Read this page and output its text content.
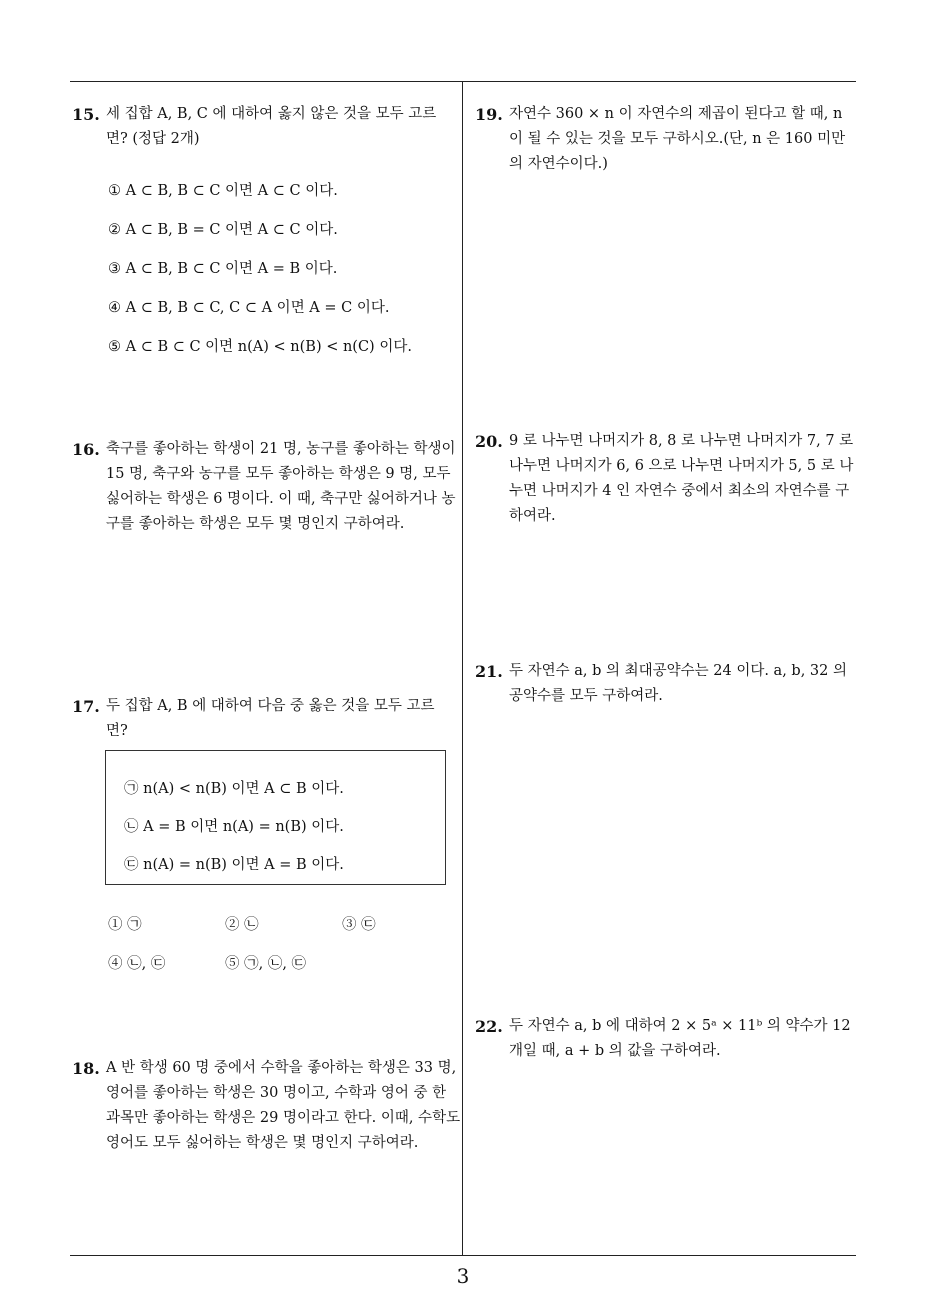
15. 세 집합 A, B, C 에 대하여 옳지 않은 것을 모두 고르면? (정답 2개)
① A ⊂ B, B ⊂ C 이면 A ⊂ C 이다.
② A ⊂ B, B = C 이면 A ⊂ C 이다.
③ A ⊂ B, B ⊂ C 이면 A = B 이다.
④ A ⊂ B, B ⊂ C, C ⊂ A 이면 A = C 이다.
⑤ A ⊂ B ⊂ C 이면 n(A) < n(B) < n(C) 이다.
16. 축구를 좋아하는 학생이 21 명, 농구를 좋아하는 학생이 15 명, 축구와 농구를 모두 좋아하는 학생은 9 명, 모두 싫어하는 학생은 6 명이다. 이 때, 축구만 싫어하거나 농구를 좋아하는 학생은 모두 몇 명인지 구하여라.
17. 두 집합 A, B 에 대하여 다음 중 옳은 것을 모두 고르면?
㉠ n(A) < n(B) 이면 A ⊂ B 이다.
㉡ A = B 이면 n(A) = n(B) 이다.
㉢ n(A) = n(B) 이면 A = B 이다.
① ㉠	② ㉡	③ ㉢
④ ㉡, ㉢	⑤ ㉠, ㉡, ㉢
18. A 반 학생 60 명 중에서 수학을 좋아하는 학생은 33 명, 영어를 좋아하는 학생은 30 명이고, 수학과 영어 중 한 과목만 좋아하는 학생은 29 명이라고 한다. 이때, 수학도 영어도 모두 싫어하는 학생은 몇 명인지 구하여라.
19. 자연수 360 × n 이 자연수의 제곱이 된다고 할 때, n 이 될 수 있는 것을 모두 구하시오.(단, n 은 160 미만의 자연수이다.)
20. 9 로 나누면 나머지가 8, 8 로 나누면 나머지가 7, 7 로 나누면 나머지가 6, 6 으로 나누면 나머지가 5, 5 로 나누면 나머지가 4 인 자연수 중에서 최소의 자연수를 구하여라.
21. 두 자연수 a, b 의 최대공약수는 24 이다. a, b, 32 의 공약수를 모두 구하여라.
22. 두 자연수 a, b 에 대하여 2 × 5ᵃ × 11ᵇ 의 약수가 12 개일 때, a + b 의 값을 구하여라.
3
